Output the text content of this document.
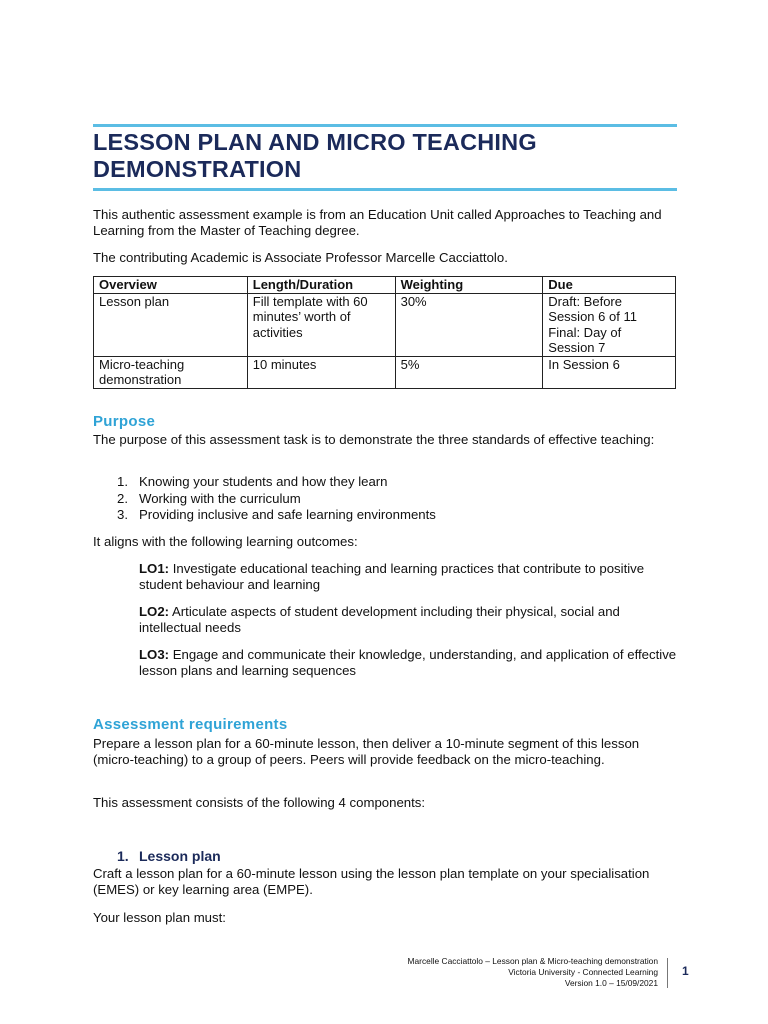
LESSON PLAN AND MICRO TEACHING
DEMONSTRATION
This authentic assessment example is from an Education Unit called Approaches to Teaching and Learning from the Master of Teaching degree.
The contributing Academic is Associate Professor Marcelle Cacciattolo.
Overview	Length/Duration	Weighting	Due
Lesson plan	Fill template with 60 minutes’ worth of activities	30%	Draft: Before Session 6 of 11 Final: Day of Session 7
Micro-teaching demonstration	10 minutes	5%	In Session 6
Purpose
The purpose of this assessment task is to demonstrate the three standards of effective teaching:
1. Knowing your students and how they learn
2. Working with the curriculum
3. Providing inclusive and safe learning environments
It aligns with the following learning outcomes:
LO1: Investigate educational teaching and learning practices that contribute to positive student behaviour and learning
LO2: Articulate aspects of student development including their physical, social and intellectual needs
LO3: Engage and communicate their knowledge, understanding, and application of effective lesson plans and learning sequences
Assessment requirements
Prepare a lesson plan for a 60-minute lesson, then deliver a 10-minute segment of this lesson (micro-teaching) to a group of peers. Peers will provide feedback on the micro-teaching.
This assessment consists of the following 4 components:
1. Lesson plan
Craft a lesson plan for a 60-minute lesson using the lesson plan template on your specialisation (EMES) or key learning area (EMPE).
Your lesson plan must:
Marcelle Cacciattolo – Lesson plan & Micro-teaching demonstration
Victoria University - Connected Learning
Version 1.0 – 15/09/2021
1
